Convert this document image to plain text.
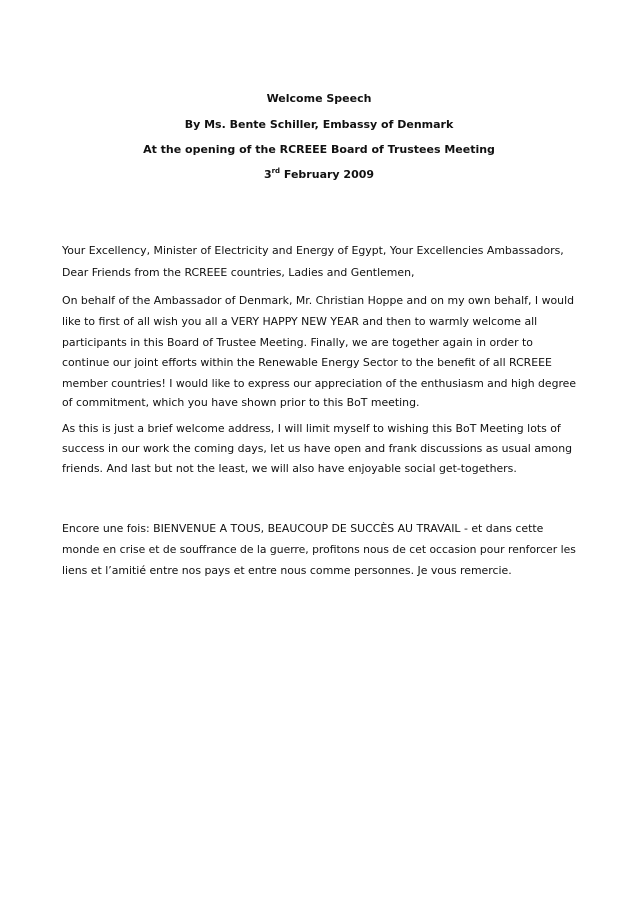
Welcome Speech
By Ms. Bente Schiller, Embassy of Denmark
At the opening of the RCREEE Board of Trustees Meeting
3rd February 2009
Your Excellency, Minister of Electricity and Energy of Egypt, Your Excellencies Ambassadors,
Dear Friends from the RCREEE countries, Ladies and Gentlemen,
On behalf of the Ambassador of Denmark, Mr. Christian Hoppe and on my own behalf, I would
like to first of all wish you all a VERY HAPPY NEW YEAR and then to warmly welcome all
participants in this Board of Trustee Meeting. Finally, we are together again in order to
continue our joint efforts within the Renewable Energy Sector to the benefit of all RCREEE
member countries! I would like to express our appreciation of the enthusiasm and high degree
of commitment, which you have shown prior to this BoT meeting.
As this is just a brief welcome address, I will limit myself to wishing this BoT Meeting lots of
success in our work the coming days, let us have open and frank discussions as usual among
friends. And last but not the least, we will also have enjoyable social get-togethers.
Encore une fois: BIENVENUE A TOUS, BEAUCOUP DE SUCCÈS AU TRAVAIL - et dans cette
monde en crise et de souffrance de la guerre, profitons nous de cet occasion pour renforcer les
liens et l’amitié entre nos pays et entre nous comme personnes. Je vous remercie.
